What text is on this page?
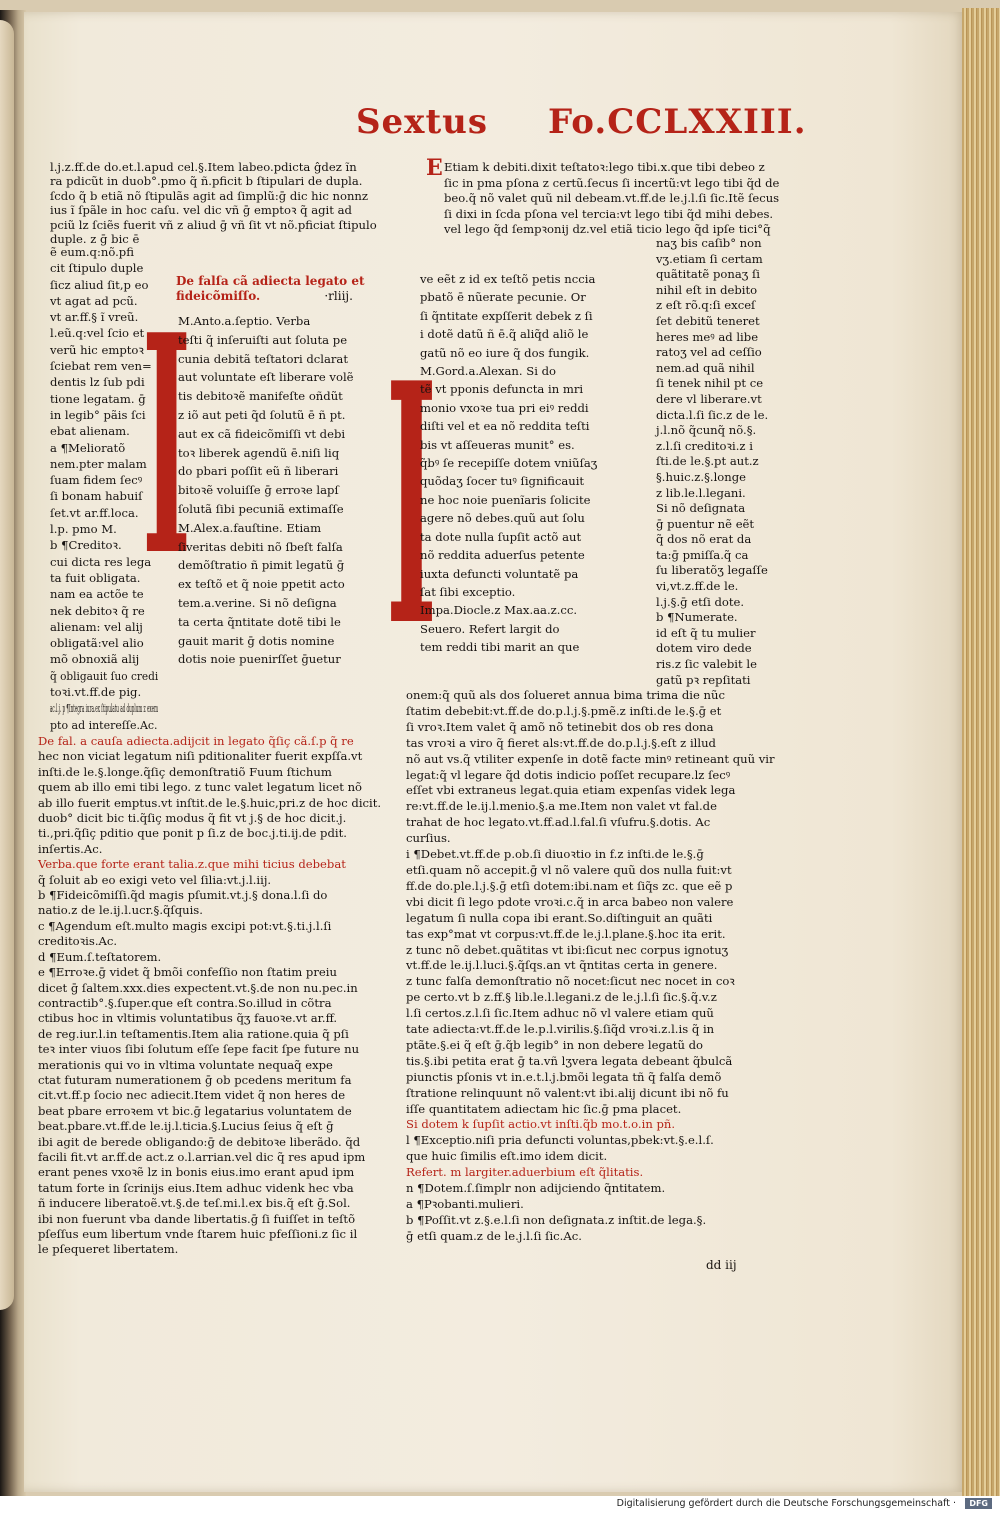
Sextus Fo.CCLXXIII.
l.j.z.ff.de do.et.l.apud cel.§.Item labeo.pdicta ĝdez ĩn
ra pdicũt in duob°.pmo q̃ ñ.pficit b ſtipulari de dupla.
ſcdo q̃ b etiã nõ ſtipulãs agit ad ſimplũ:ḡ dic hic nonnz
ius ĩ ſpãle in hoc caſu. vel dic vñ ḡ emptoꝛ q̃ agit ad
pciũ lz ſciẽs fuerit vñ z aliud ḡ vñ ſit vt nõ.pficiat ſtipulo
duple. z ḡ bic ē
ẽ eum.q:nõ.pfi
cit ſtipulo duple
ſicz aliud ſit,p eo
vt agat ad pcũ.
vt ar.ff.§ ĩ vreũ.
l.eũ.q:vel ſcio et
verũ hic emptoꝛ
ſciebat rem ven=
dentis lz ſub pdi
tione legatam. ḡ
in legib° pãis ſci
ebat alienam.
a ¶Melioratõ
nem.pter malam
ſuam fidem ſecꝰ
ſi bonam habuiſ
ſet.vt ar.ff.loca.
l.p. pmo M.
b ¶Creditoꝛ.
cui dicta res lega
ta fuit obligata.
nam ea actõe te
nek debitoꝛ q̃ re
alienam: vel alij
obligatã:vel alio
mõ obnoxiã alij
q̃ obligauit ſuo credi
toꝛi.vt.ff.de pig.
ac.l.j. p ¶Integra iura.ex ſtipulatu ad duplum z exem
pto ad intereſſe.Ac.
De fal. a cauſa adiecta.adijcit in legato q̃ſiç cã.ſ.p q̃ re
hec non viciat legatum niſi pditionaliter fuerit expſſa.vt
inſti.de le.§.longe.q̃ſiç demonſtratiõ Fuum ſtichum
quem ab illo emi tibi lego. z tunc valet legatum licet nõ
ab illo fuerit emptus.vt inſtit.de le.§.huic,pri.z de hoc dicit.
duob° dicit bic ti.q̃ſiç modus q̃ fit vt j.§ de hoc dicit.j.
ti.,pri.q̃ſiç pditio que ponit p ſi.z de boc.j.ti.ij.de pdit.
inſertis.Ac.
Verba.que forte erant talia.z.que mihi ticius debebat
q̃ ſoluit ab eo exigi veto vel ſilia:vt.j.l.iij.
b ¶Fideicõmiſſi.q̃d magis pſumit.vt.j.§ dona.l.ſi do
natio.z de le.ij.l.ucr.§.q̃ſquis.
c ¶Agendum eſt.multo magis excipi pot:vt.§.ti.j.l.ſi
creditoꝛis.Ac.
d ¶Eum.ſ.teſtatorem.
e ¶Erroꝛe.ḡ videt q̃ bmõi confeſſio non ſtatim preiu
dicet ḡ ſaltem.xxx.dies expectent.vt.§.de non nu.pec.in
contractib°.§.ſuper.que eſt contra.So.illud in cõtra
ctibus hoc in vltimis voluntatibus q̃ʒ fauoꝛe.vt ar.ff.
de reg.iur.l.in teſtamentis.Item alia ratione.quia q̃ pſi
teꝛ inter viuos ſibi ſolutum eſſe ſepe facit ſpe future nu
merationis qui vo in vltima voluntate nequaq̃ expe
ctat futuram numerationem ḡ ob pcedens meritum fa
cit.vt.ff.p ſocio nec adiecit.Item videt q̃ non heres de
beat pbare erroꝛem vt bic.ḡ legatarius voluntatem de
beat.pbare.vt.ff.de le.ij.l.ticia.§.Lucius ſeius q̃ eſt ḡ
ibi agit de berede obligando:ḡ de debitoꝛe liberãdo. q̃d
facili fit.vt ar.ff.de act.z o.l.arrian.vel dic q̃ res apud ipm
erant penes vxoꝛẽ lz in bonis eius.imo erant apud ipm
tatum forte in ſcrinijs eius.Item adhuc videnk hec vba
ñ inducere liberatoẽ.vt.§.de teſ.mi.l.ex bis.q̃ eſt ḡ.Sol.
ibi non fuerunt vba dande libertatis.ḡ ſi fuiſſet in teſtõ
pſeſſus eum libertum vnde ſtarem huic pfeſſioni.z ſic il
le pſequeret libertatem.
De falſa cã adiecta legato et
fideicõmiſſo.	·rliij.
I
M.Anto.a.ſeptio. Verba
teſti q̃ inſeruiſti aut ſoluta pe
cunia debitã teſtatori dclarat
aut voluntate eſt liberare volẽ
tis debitoꝛẽ manifeſte oñdũt
z iõ aut peti q̃d ſolutũ ē ñ pt.
aut ex cã fideicõmiſſi vt debi
toꝛ liberek agendũ ē.niſi liq
do pbari poſſit eũ ñ liberari
bitoꝛẽ voluiſſe ḡ erroꝛe lapſ
ſolutã ſibi pecuniã extimaſſe
M.Alex.a.fauſtine. Etiam
ſiveritas debiti nõ ſbeſt falſa
demõſtratio ñ pimit legatũ ḡ
ex teſtõ et q̃ noie ppetit acto
tem.a.verine. Si nõ deſigna
ta certa q̃ntitate dotẽ tibi le
gauit marit ḡ dotis nomine
dotis noie puenirſſet ḡuetur I
ve eẽt z id ex teſtõ petis nccia
pbatõ ē nũerate pecunie. Or
ſi q̃ntitate expſſerit debek z ſi
i dotẽ datũ ñ ē.q̃ aliq̃d aliõ le
gatũ nõ eo iure q̃ dos fungik.
M.Gord.a.Alexan. Si do
tẽ vt pponis defuncta in mri
monio vxoꝛe tua pri eiꝰ reddi
diſti vel et ea nõ reddita teſti
bis vt aſſeueras munit° es.
q̃bꝰ ſe recepiſſe dotem vniũſaʒ
quõdaʒ ſocer tuꝰ ſignificauit
ne hoc noie puenĩaris ſolicite
agere nõ debes.quũ aut ſolu
ta dote nulla ſupſit actõ aut
nõ reddita aduerſus petente
iuxta defuncti voluntatẽ pa
ſat ſibi exceptio.
Impa.Diocle.z Max.aa.z.cc.
Seuero. Refert largit do
tem reddi tibi marit an que
E Etiam k debiti.dixit teſtatoꝛ:lego tibi.x.que tibi debeo z
ſic in pma pſona z certũ.ſecus ſi incertũ:vt lego tibi q̃d de
beo.q̃ nõ valet quũ nil debeam.vt.ff.de le.j.l.ſi ſic.Itẽ ſecus
ſi dixi in ſcda pſona vel tercia:vt lego tibi q̃d mihi debes.
vel lego q̃d ſempꝛonij dz.vel etiã ticio lego q̃d ipſe tici°q̃
naʒ bis caſib° non
vʒ.etiam ſi certam
quãtitatẽ ponaʒ ſi
nihil eſt in debito
z eſt rõ.q:ſi exceſ
ſet debitũ teneret
heres meꝰ ad libe
ratoʒ vel ad ceſſio
nem.ad quã nihil
ſi tenek nihil pt ce
dere vl liberare.vt
dicta.l.ſi ſic.z de le.
j.l.nõ q̃cunq̃ nõ.§.
z.l.ſi creditoꝛi.z i
ſti.de le.§.pt aut.z
§.huic.z.§.longe
z lib.le.l.legani.
Si nõ deſignata
ḡ puentur nẽ eẽt
q̃ dos nõ erat da
ta:ḡ pmiſſa.q̃ ca
ſu liberatõʒ legaſſe
vi,vt.z.ff.de le.
l.j.§.ḡ etſi dote.
b ¶Numerate.
id eſt q̃ tu mulier
dotem viro dede
ris.z ſic valebit le
gatũ pꝛ repſitati
onem:q̃ quũ als dos ſolueret annua bima trima die nũc
ſtatim debebit:vt.ff.de do.p.l.j.§.pmẽ.z inſti.de le.§.ḡ et
ſi vroꝛ.Item valet q̃ amõ nõ tetinebit dos ob res dona
tas vroꝛi a viro q̃ fieret als:vt.ff.de do.p.l.j.§.eſt z illud
nõ aut vs.q̃ vtiliter expenſe in dotẽ facte minꝰ retineant quũ vir
legat:q̃ vl legare q̃d dotis indicio poſſet recupare.lz ſecꝰ
eſſet vbi extraneus legat.quia etiam expenſas videk lega
re:vt.ff.de le.ij.l.menio.§.a me.Item non valet vt fal.de
trahat de hoc legato.vt.ff.ad.l.fal.ſi vſufru.§.dotis. Ac
curſius.
i ¶Debet.vt.ff.de p.ob.ſi diuoꝛtio in f.z inſti.de le.§.ḡ
etſi.quam nõ accepit.ḡ vl nõ valere quũ dos nulla fuit:vt
ff.de do.ple.l.j.§.ḡ etſi dotem:ibi.nam et ſiq̃s zc. que eẽ p
vbi dicit ſi lego pdote vroꝛi.c.q̃ in arca babeo non valere
legatum ſi nulla copa ibi erant.So.diſtinguit an quãti
tas exp°mat vt corpus:vt.ff.de le.j.l.plane.§.hoc ita erit.
z tunc nõ debet.quãtitas vt ibi:ſicut nec corpus ignotuʒ
vt.ff.de le.ij.l.luci.§.q̃ſqs.an vt q̃ntitas certa in genere.
z tunc falſa demonſtratio nõ nocet:ſicut nec nocet in coꝛ
pe certo.vt b z.ff.§ lib.le.l.legani.z de le.j.l.ſi ſic.§.q̃.v.z
l.ſi certos.z.l.ſi ſic.Item adhuc nõ vl valere etiam quũ
tate adiecta:vt.ff.de le.p.l.virilis.§.ſiq̃d vroꝛi.z.l.is q̃ in
ptãte.§.ei q̃ eſt ḡ.q̃b legib° in non debere legatũ do
tis.§.ibi petita erat ḡ ta.vñ lʒvera legata debeant q̃bulcã
piunctis pſonis vt in.e.t.l.j.bmõi legata tñ q̃ falſa demõ
ſtratione relinquunt nõ valent:vt ibi.alij dicunt ibi nõ fu
iſſe quantitatem adiectam hic ſic.ḡ pma placet.
Si dotem k ſupſit actio.vt inſti.q̃b mo.t.o.in pñ.
l ¶Exceptio.niſi pria defuncti voluntas,pbek:vt.§.e.l.ſ.
que huic ſimilis eſt.imo idem dicit.
Refert. m largiter.aduerbium eſt q̃litatis.
n ¶Dotem.ſ.ſimplr non adijciendo q̃ntitatem.
a ¶Pꝛobanti.mulieri.
b ¶Poſſit.vt z.§.e.l.ſi non deſignata.z inſtit.de lega.§.
ḡ etſi quam.z de le.j.l.ſi ſic.Ac.
dd iij
Digitalisierung gefördert durch die Deutsche Forschungsgemeinschaft ·	DFG
